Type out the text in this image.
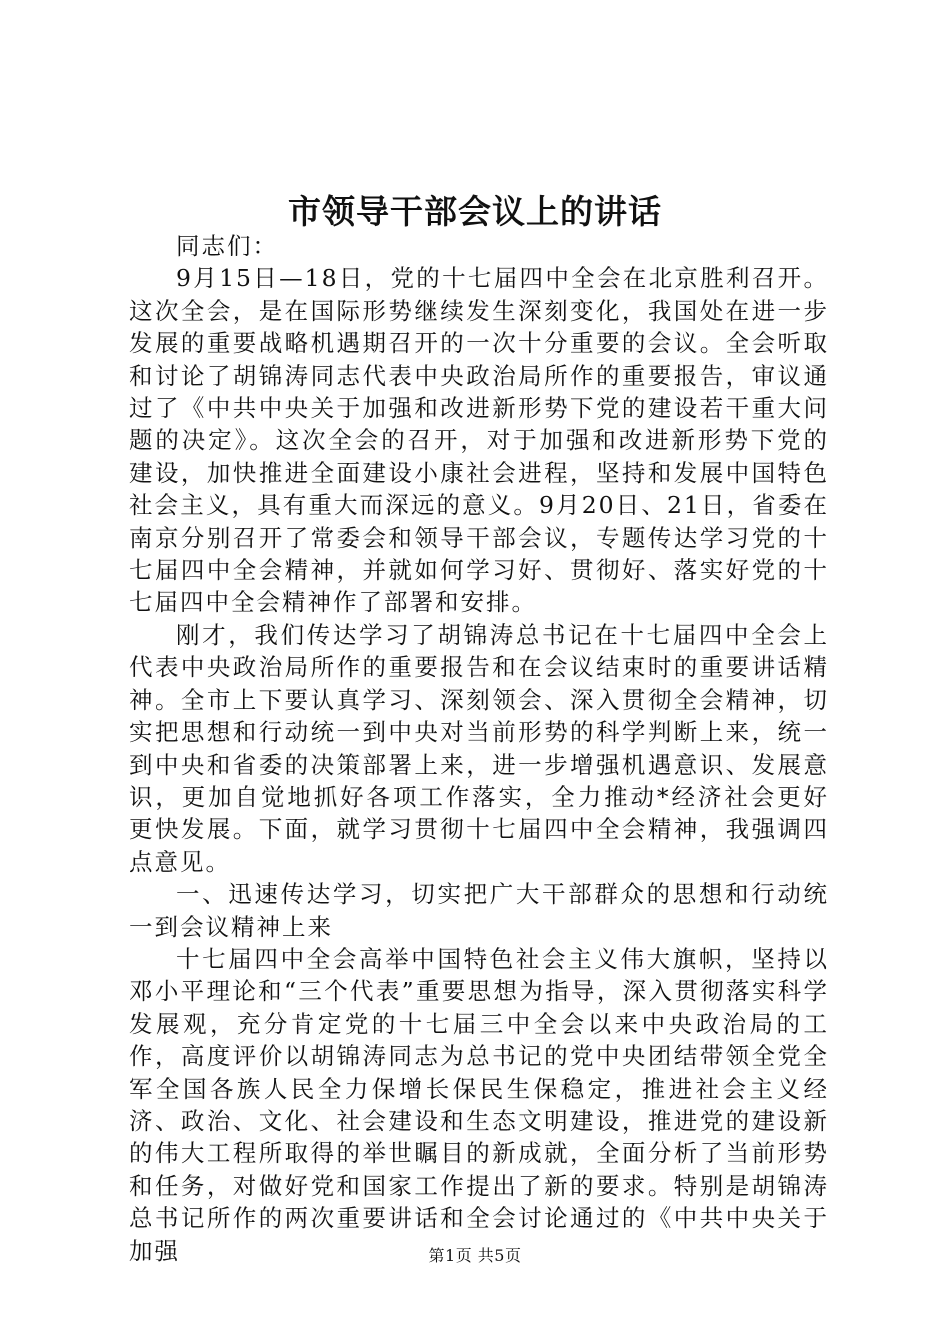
市领导干部会议上的讲话

同志们：

9月15日—18日，党的十七届四中全会在北京胜利召开。这次全会，是在国际形势继续发生深刻变化，我国处在进一步发展的重要战略机遇期召开的一次十分重要的会议。全会听取和讨论了胡锦涛同志代表中央政治局所作的重要报告，审议通过了《中共中央关于加强和改进新形势下党的建设若干重大问题的决定》。这次全会的召开，对于加强和改进新形势下党的建设，加快推进全面建设小康社会进程，坚持和发展中国特色社会主义，具有重大而深远的意义。9月20日、21日，省委在南京分别召开了常委会和领导干部会议，专题传达学习党的十七届四中全会精神，并就如何学习好、贯彻好、落实好党的十七届四中全会精神作了部署和安排。

刚才，我们传达学习了胡锦涛总书记在十七届四中全会上代表中央政治局所作的重要报告和在会议结束时的重要讲话精神。全市上下要认真学习、深刻领会、深入贯彻全会精神，切实把思想和行动统一到中央对当前形势的科学判断上来，统一到中央和省委的决策部署上来，进一步增强机遇意识、发展意识，更加自觉地抓好各项工作落实，全力推动*经济社会更好更快发展。下面，就学习贯彻十七届四中全会精神，我强调四点意见。

一、迅速传达学习，切实把广大干部群众的思想和行动统一到会议精神上来

十七届四中全会高举中国特色社会主义伟大旗帜，坚持以邓小平理论和“三个代表”重要思想为指导，深入贯彻落实科学发展观，充分肯定党的十七届三中全会以来中央政治局的工作，高度评价以胡锦涛同志为总书记的党中央团结带领全党全军全国各族人民全力保增长保民生保稳定，推进社会主义经济、政治、文化、社会建设和生态文明建设，推进党的建设新的伟大工程所取得的举世瞩目的新成就，全面分析了当前形势和任务，对做好党和国家工作提出了新的要求。特别是胡锦涛总书记所作的两次重要讲话和全会讨论通过的《中共中央关于加强	第1页 共5页
